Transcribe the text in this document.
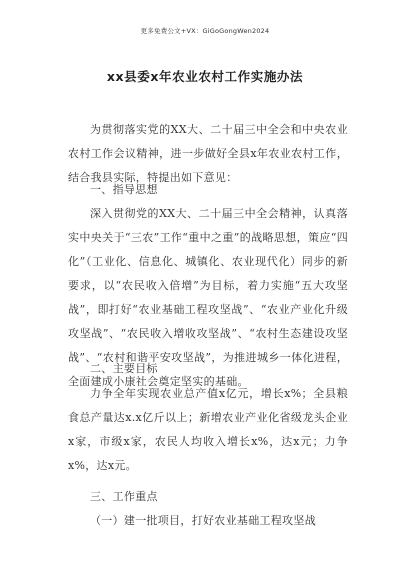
更多免费公文+VX：GiGoGongWen2024
xx县委x年农业农村工作实施办法
为贯彻落实党的XX大、二十届三中全会和中央农业农村工作会议精神，进一步做好全县x年农业农村工作，结合我县实际，特提出如下意见：
一、指导思想
深入贯彻党的XX大、二十届三中全会精神，认真落实中央关于“三农”工作“重中之重”的战略思想，策应“四化”（工业化、信息化、城镇化、农业现代化）同步的新要求，以“农民收入倍增”为目标，着力实施“五大攻坚战”，即打好“农业基础工程攻坚战”、“农业产业化升级攻坚战”、“农民收入增收攻坚战”、“农村生态建设攻坚战”、“农村和谐平安攻坚战”，为推进城乡一体化进程，全面建成小康社会奠定坚实的基础。
二、主要目标
力争全年实现农业总产值x亿元，增长x%；全县粮食总产量达x.x亿斤以上；新增农业产业化省级龙头企业x家，市级x家，农民人均收入增长x%，达x元；力争x%，达x元。
三、工作重点
（一）建一批项目，打好农业基础工程攻坚战
